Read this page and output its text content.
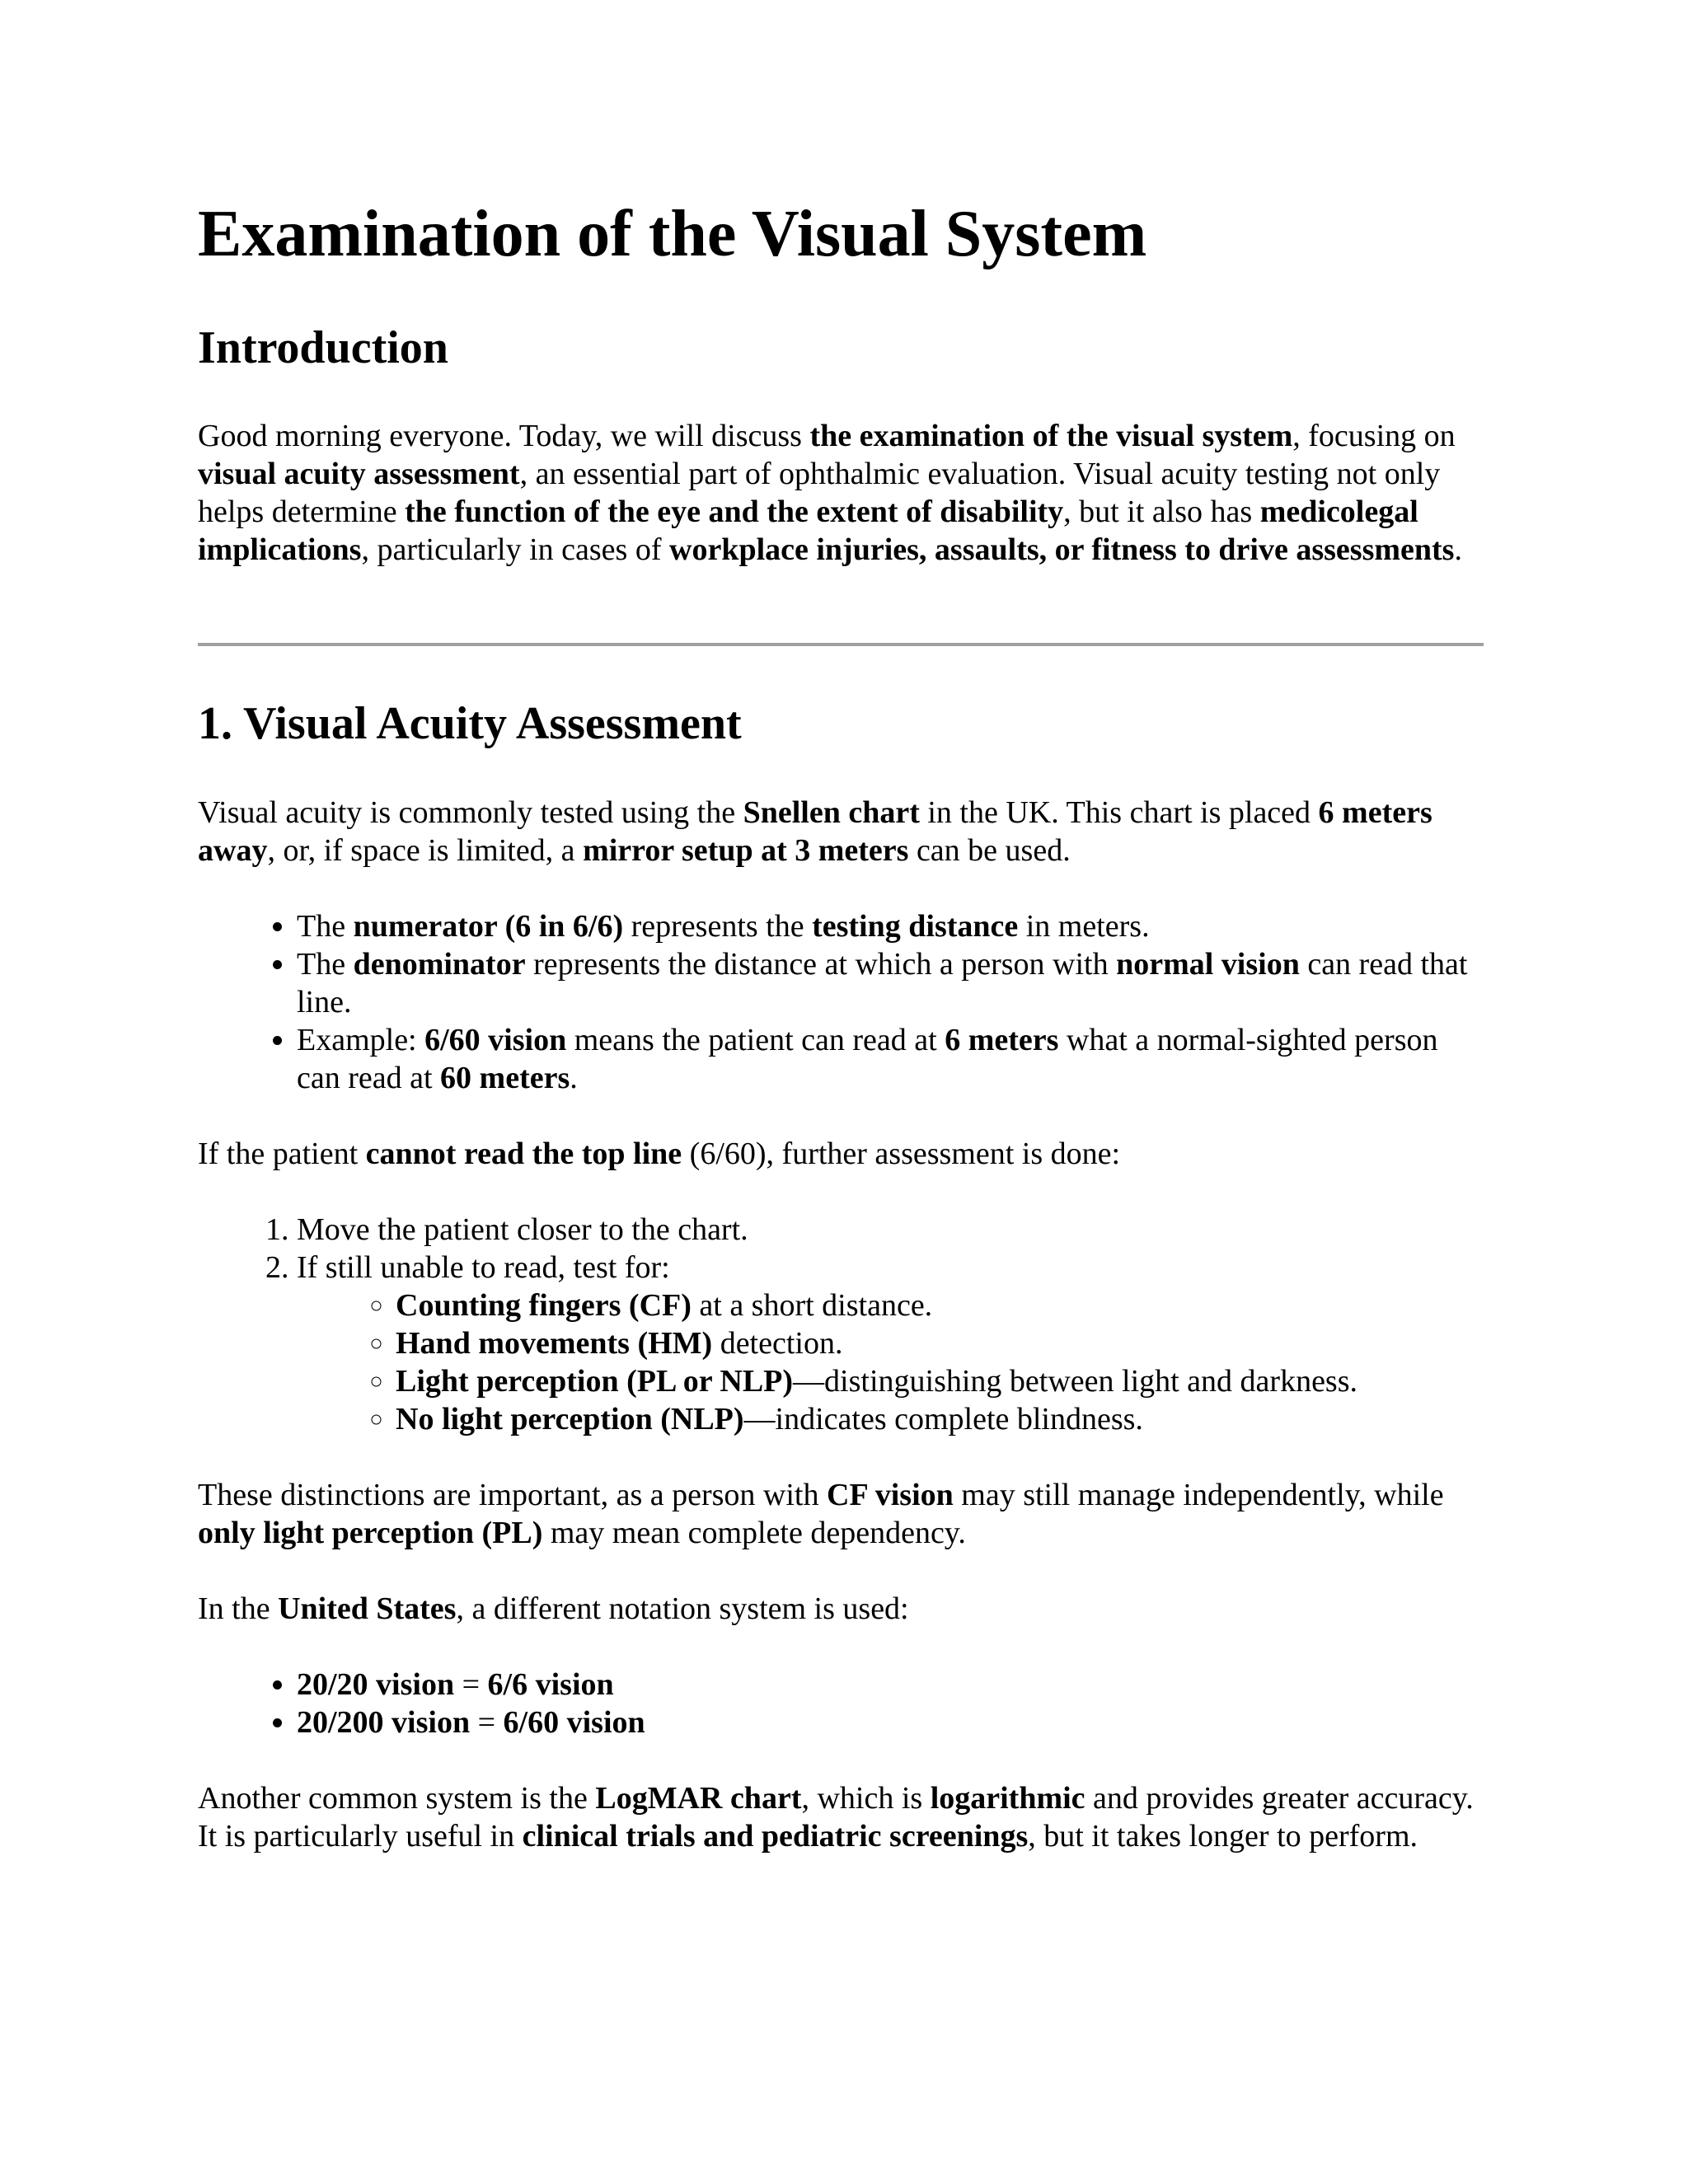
Examination of the Visual System
Introduction

Good morning everyone. Today, we will discuss the examination of the visual system, focusing on visual acuity assessment, an essential part of ophthalmic evaluation. Visual acuity testing not only helps determine the function of the eye and the extent of disability, but it also has medicolegal implications, particularly in cases of workplace injuries, assaults, or fitness to drive assessments.

1. Visual Acuity Assessment

Visual acuity is commonly tested using the Snellen chart in the UK. This chart is placed 6 meters away, or, if space is limited, a mirror setup at 3 meters can be used.

• The numerator (6 in 6/6) represents the testing distance in meters.
• The denominator represents the distance at which a person with normal vision can read that line.
• Example: 6/60 vision means the patient can read at 6 meters what a normal-sighted person can read at 60 meters.

If the patient cannot read the top line (6/60), further assessment is done:

1. Move the patient closer to the chart.
2. If still unable to read, test for:
◦ Counting fingers (CF) at a short distance.
◦ Hand movements (HM) detection.
◦ Light perception (PL or NLP)—distinguishing between light and darkness.
◦ No light perception (NLP)—indicates complete blindness.

These distinctions are important, as a person with CF vision may still manage independently, while only light perception (PL) may mean complete dependency.

In the United States, a different notation system is used:

• 20/20 vision = 6/6 vision
• 20/200 vision = 6/60 vision

Another common system is the LogMAR chart, which is logarithmic and provides greater accuracy. It is particularly useful in clinical trials and pediatric screenings, but it takes longer to perform.
